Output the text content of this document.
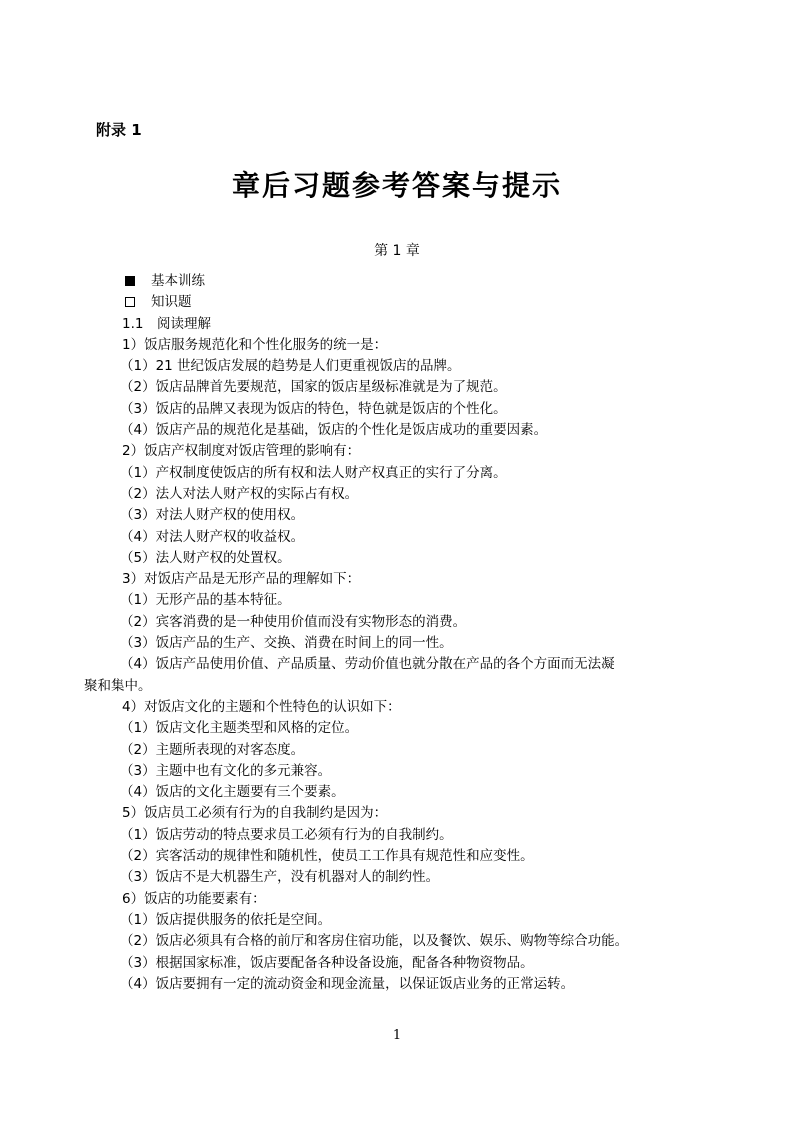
附录 1
章后习题参考答案与提示
第 1 章
基本训练
知识题
1.1　阅读理解
1）饭店服务规范化和个性化服务的统一是：
（1）21 世纪饭店发展的趋势是人们更重视饭店的品牌。
（2）饭店品牌首先要规范，国家的饭店星级标准就是为了规范。
（3）饭店的品牌又表现为饭店的特色，特色就是饭店的个性化。
（4）饭店产品的规范化是基础，饭店的个性化是饭店成功的重要因素。
2）饭店产权制度对饭店管理的影响有：
（1）产权制度使饭店的所有权和法人财产权真正的实行了分离。
（2）法人对法人财产权的实际占有权。
（3）对法人财产权的使用权。
（4）对法人财产权的收益权。
（5）法人财产权的处置权。
3）对饭店产品是无形产品的理解如下：
（1）无形产品的基本特征。
（2）宾客消费的是一种使用价值而没有实物形态的消费。
（3）饭店产品的生产、交换、消费在时间上的同一性。
（4）饭店产品使用价值、产品质量、劳动价值也就分散在产品的各个方面而无法凝
聚和集中。
4）对饭店文化的主题和个性特色的认识如下：
（1）饭店文化主题类型和风格的定位。
（2）主题所表现的对客态度。
（3）主题中也有文化的多元兼容。
（4）饭店的文化主题要有三个要素。
5）饭店员工必须有行为的自我制约是因为：
（1）饭店劳动的特点要求员工必须有行为的自我制约。
（2）宾客活动的规律性和随机性，使员工工作具有规范性和应变性。
（3）饭店不是大机器生产，没有机器对人的制约性。
6）饭店的功能要素有：
（1）饭店提供服务的依托是空间。
（2）饭店必须具有合格的前厅和客房住宿功能，以及餐饮、娱乐、购物等综合功能。
（3）根据国家标准，饭店要配备各种设备设施，配备各种物资物品。
（4）饭店要拥有一定的流动资金和现金流量，以保证饭店业务的正常运转。
1
